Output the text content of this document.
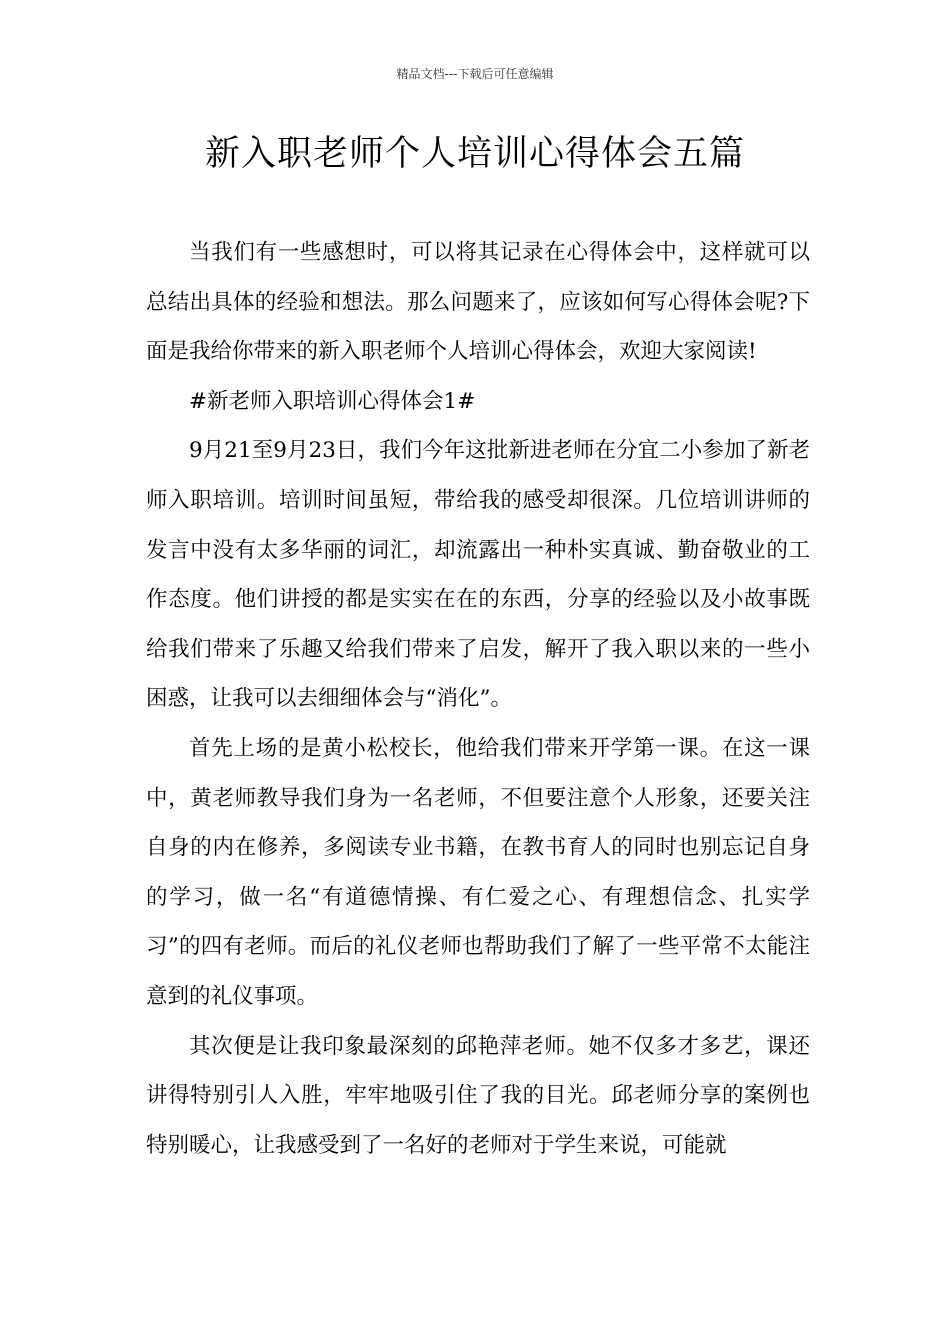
精品文档---下载后可任意编辑
新入职老师个人培训心得体会五篇

当我们有一些感想时，可以将其记录在心得体会中，这样就可以总结出具体的经验和想法。那么问题来了，应该如何写心得体会呢?下面是我给你带来的新入职老师个人培训心得体会，欢迎大家阅读!

#新老师入职培训心得体会1#

9月21至9月23日，我们今年这批新进老师在分宜二小参加了新老师入职培训。培训时间虽短，带给我的感受却很深。几位培训讲师的发言中没有太多华丽的词汇，却流露出一种朴实真诚、勤奋敬业的工作态度。他们讲授的都是实实在在的东西，分享的经验以及小故事既给我们带来了乐趣又给我们带来了启发，解开了我入职以来的一些小困惑，让我可以去细细体会与“消化”。

首先上场的是黄小松校长，他给我们带来开学第一课。在这一课中，黄老师教导我们身为一名老师，不但要注意个人形象，还要关注自身的内在修养，多阅读专业书籍，在教书育人的同时也别忘记自身的学习，做一名“有道德情操、有仁爱之心、有理想信念、扎实学习”的四有老师。而后的礼仪老师也帮助我们了解了一些平常不太能注意到的礼仪事项。

其次便是让我印象最深刻的邱艳萍老师。她不仅多才多艺，课还讲得特别引人入胜，牢牢地吸引住了我的目光。邱老师分享的案例也特别暖心，让我感受到了一名好的老师对于学生来说，可能就
